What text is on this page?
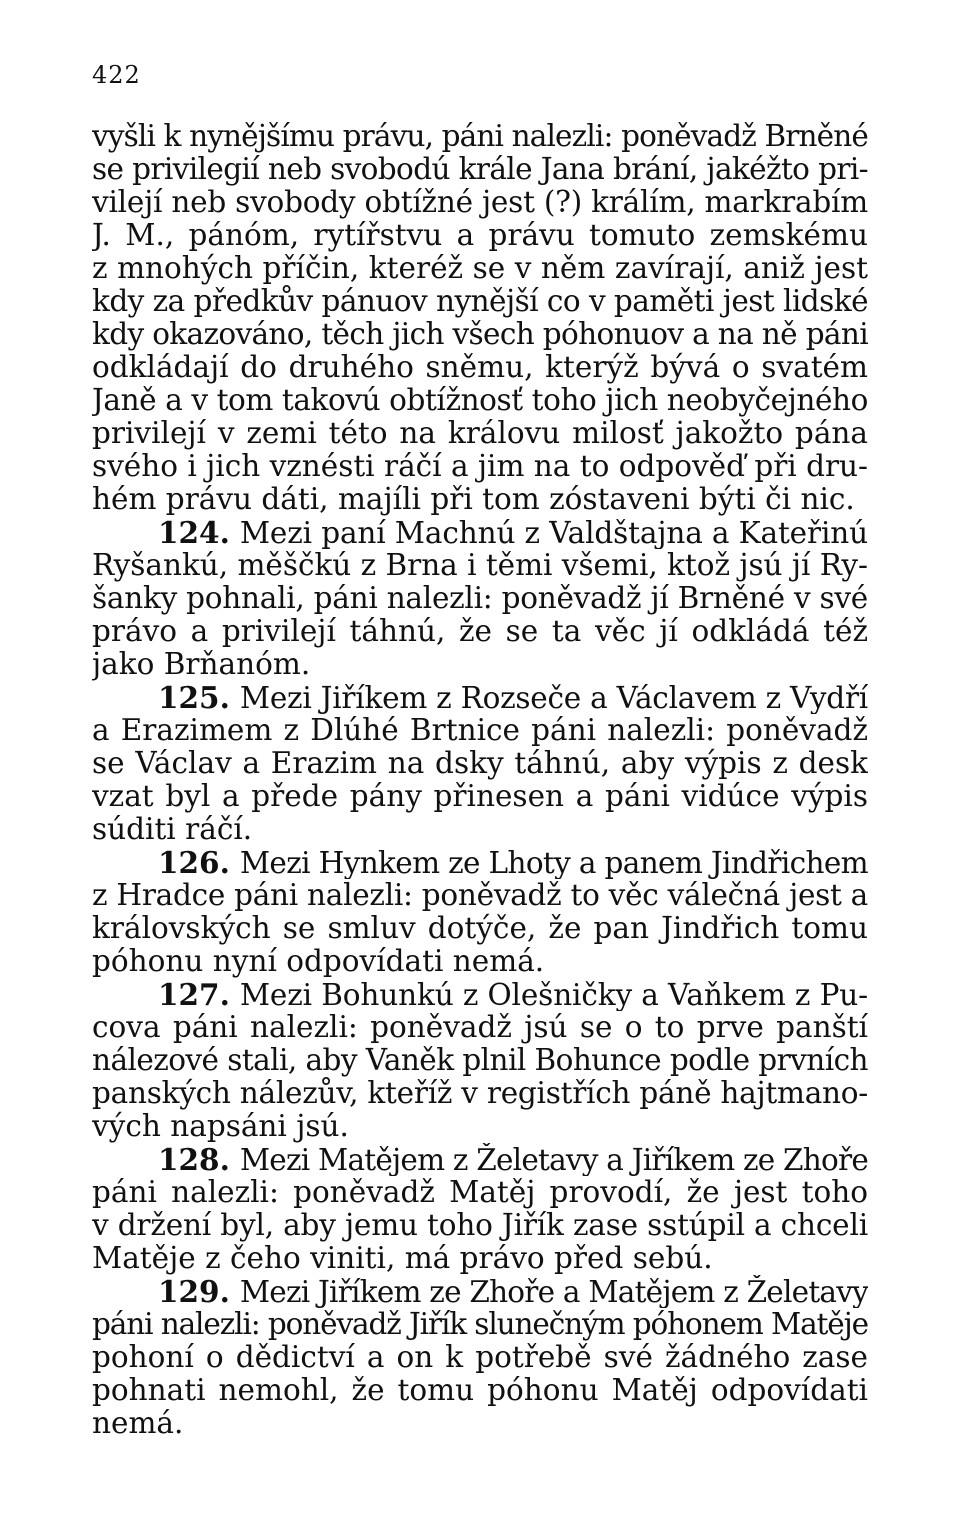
422
vyšli k nynějšímu právu, páni nalezli: poněvadž Brněné
se privilegií neb svobodú krále Jana brání, jakéžto pri-
vilejí neb svobody obtížné jest (?) králím, markrabím
J. M., pánóm, rytířstvu a právu tomuto zemskému
z mnohých příčin, kteréž se v něm zavírají, aniž jest
kdy za předkův pánuov nynější co v paměti jest lidské
kdy okazováno, těch jich všech póhonuov a na ně páni
odkládají do druhého sněmu, kterýž bývá o svatém
Janě a v tom takovú obtížnosť toho jich neobyčejného
privilejí v zemi této na královu milosť jakožto pána
svého i jich vznésti ráčí a jim na to odpověď při dru-
hém právu dáti, majíli při tom zóstaveni býti či nic.
124. Mezi paní Machnú z Valdštajna a Kateřinú
Ryšankú, měščkú z Brna i těmi všemi, ktož jsú jí Ry-
šanky pohnali, páni nalezli: poněvadž jí Brněné v své
právo a privilejí táhnú, že se ta věc jí odkládá též
jako Brňanóm.
125. Mezi Jiříkem z Rozseče a Václavem z Vydří
a Erazimem z Dlúhé Brtnice páni nalezli: poněvadž
se Václav a Erazim na dsky táhnú, aby výpis z desk
vzat byl a přede pány přinesen a páni vidúce výpis
súditi ráčí.
126. Mezi Hynkem ze Lhoty a panem Jindřichem
z Hradce páni nalezli: poněvadž to věc válečná jest a
královských se smluv dotýče, že pan Jindřich tomu
póhonu nyní odpovídati nemá.
127. Mezi Bohunkú z Olešničky a Vaňkem z Pu-
cova páni nalezli: poněvadž jsú se o to prve panští
nálezové stali, aby Vaněk plnil Bohunce podle prvních
panských nálezův, kteříž v registřích páně hajtmano-
vých napsáni jsú.
128. Mezi Matějem z Želetavy a Jiříkem ze Zhoře
páni nalezli: poněvadž Matěj provodí, že jest toho
v držení byl, aby jemu toho Jiřík zase sstúpil a chceli
Matěje z čeho viniti, má právo před sebú.
129. Mezi Jiříkem ze Zhoře a Matějem z Želetavy
páni nalezli: poněvadž Jiřík slunečným póhonem Matěje
pohoní o dědictví a on k potřebě své žádného zase
pohnati nemohl, že tomu póhonu Matěj odpovídati
nemá.
